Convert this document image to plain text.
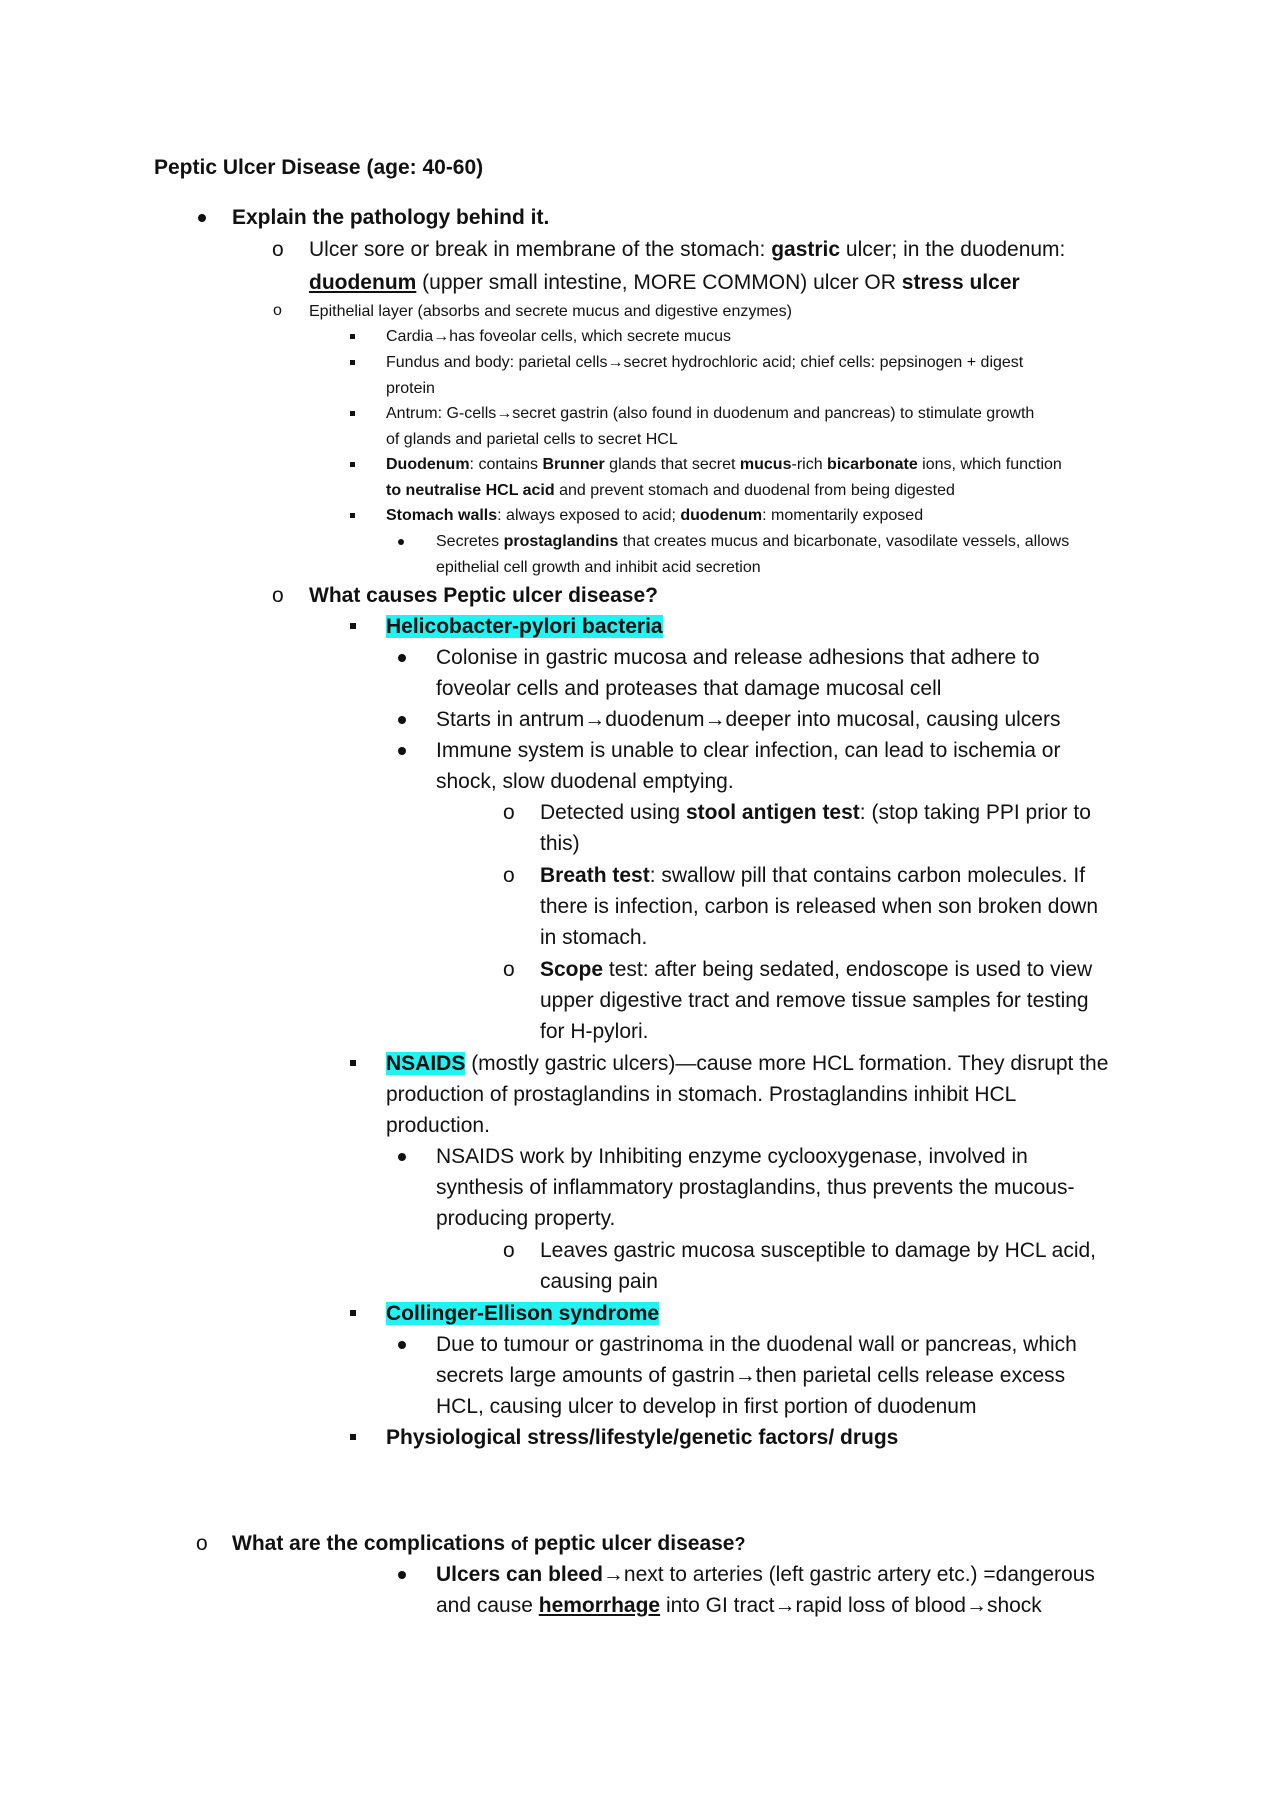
Peptic Ulcer Disease (age: 40-60)
Explain the pathology behind it.
o Ulcer sore or break in membrane of the stomach: gastric ulcer; in the duodenum:
duodenum (upper small intestine, MORE COMMON) ulcer OR stress ulcer
o Epithelial layer (absorbs and secrete mucus and digestive enzymes)
Cardia→has foveolar cells, which secrete mucus
Fundus and body: parietal cells→secret hydrochloric acid; chief cells: pepsinogen + digest
protein
Antrum: G-cells→secret gastrin (also found in duodenum and pancreas) to stimulate growth
of glands and parietal cells to secret HCL
Duodenum: contains Brunner glands that secret mucus-rich bicarbonate ions, which function
to neutralise HCL acid and prevent stomach and duodenal from being digested
Stomach walls: always exposed to acid; duodenum: momentarily exposed
Secretes prostaglandins that creates mucus and bicarbonate, vasodilate vessels, allows
epithelial cell growth and inhibit acid secretion
o What causes Peptic ulcer disease?
Helicobacter-pylori bacteria
Colonise in gastric mucosa and release adhesions that adhere to
foveolar cells and proteases that damage mucosal cell
Starts in antrum→duodenum→deeper into mucosal, causing ulcers
Immune system is unable to clear infection, can lead to ischemia or
shock, slow duodenal emptying.
o Detected using stool antigen test: (stop taking PPI prior to
this)
o Breath test: swallow pill that contains carbon molecules. If
there is infection, carbon is released when son broken down
in stomach.
o Scope test: after being sedated, endoscope is used to view
upper digestive tract and remove tissue samples for testing
for H-pylori.
NSAIDS (mostly gastric ulcers)—cause more HCL formation. They disrupt the
production of prostaglandins in stomach. Prostaglandins inhibit HCL
production.
NSAIDS work by Inhibiting enzyme cyclooxygenase, involved in
synthesis of inflammatory prostaglandins, thus prevents the mucous-
producing property.
o Leaves gastric mucosa susceptible to damage by HCL acid,
causing pain
Collinger-Ellison syndrome
Due to tumour or gastrinoma in the duodenal wall or pancreas, which
secrets large amounts of gastrin→then parietal cells release excess
HCL, causing ulcer to develop in first portion of duodenum
Physiological stress/lifestyle/genetic factors/ drugs
o What are the complications of peptic ulcer disease?
Ulcers can bleed→next to arteries (left gastric artery etc.) =dangerous
and cause hemorrhage into GI tract→rapid loss of blood→shock
